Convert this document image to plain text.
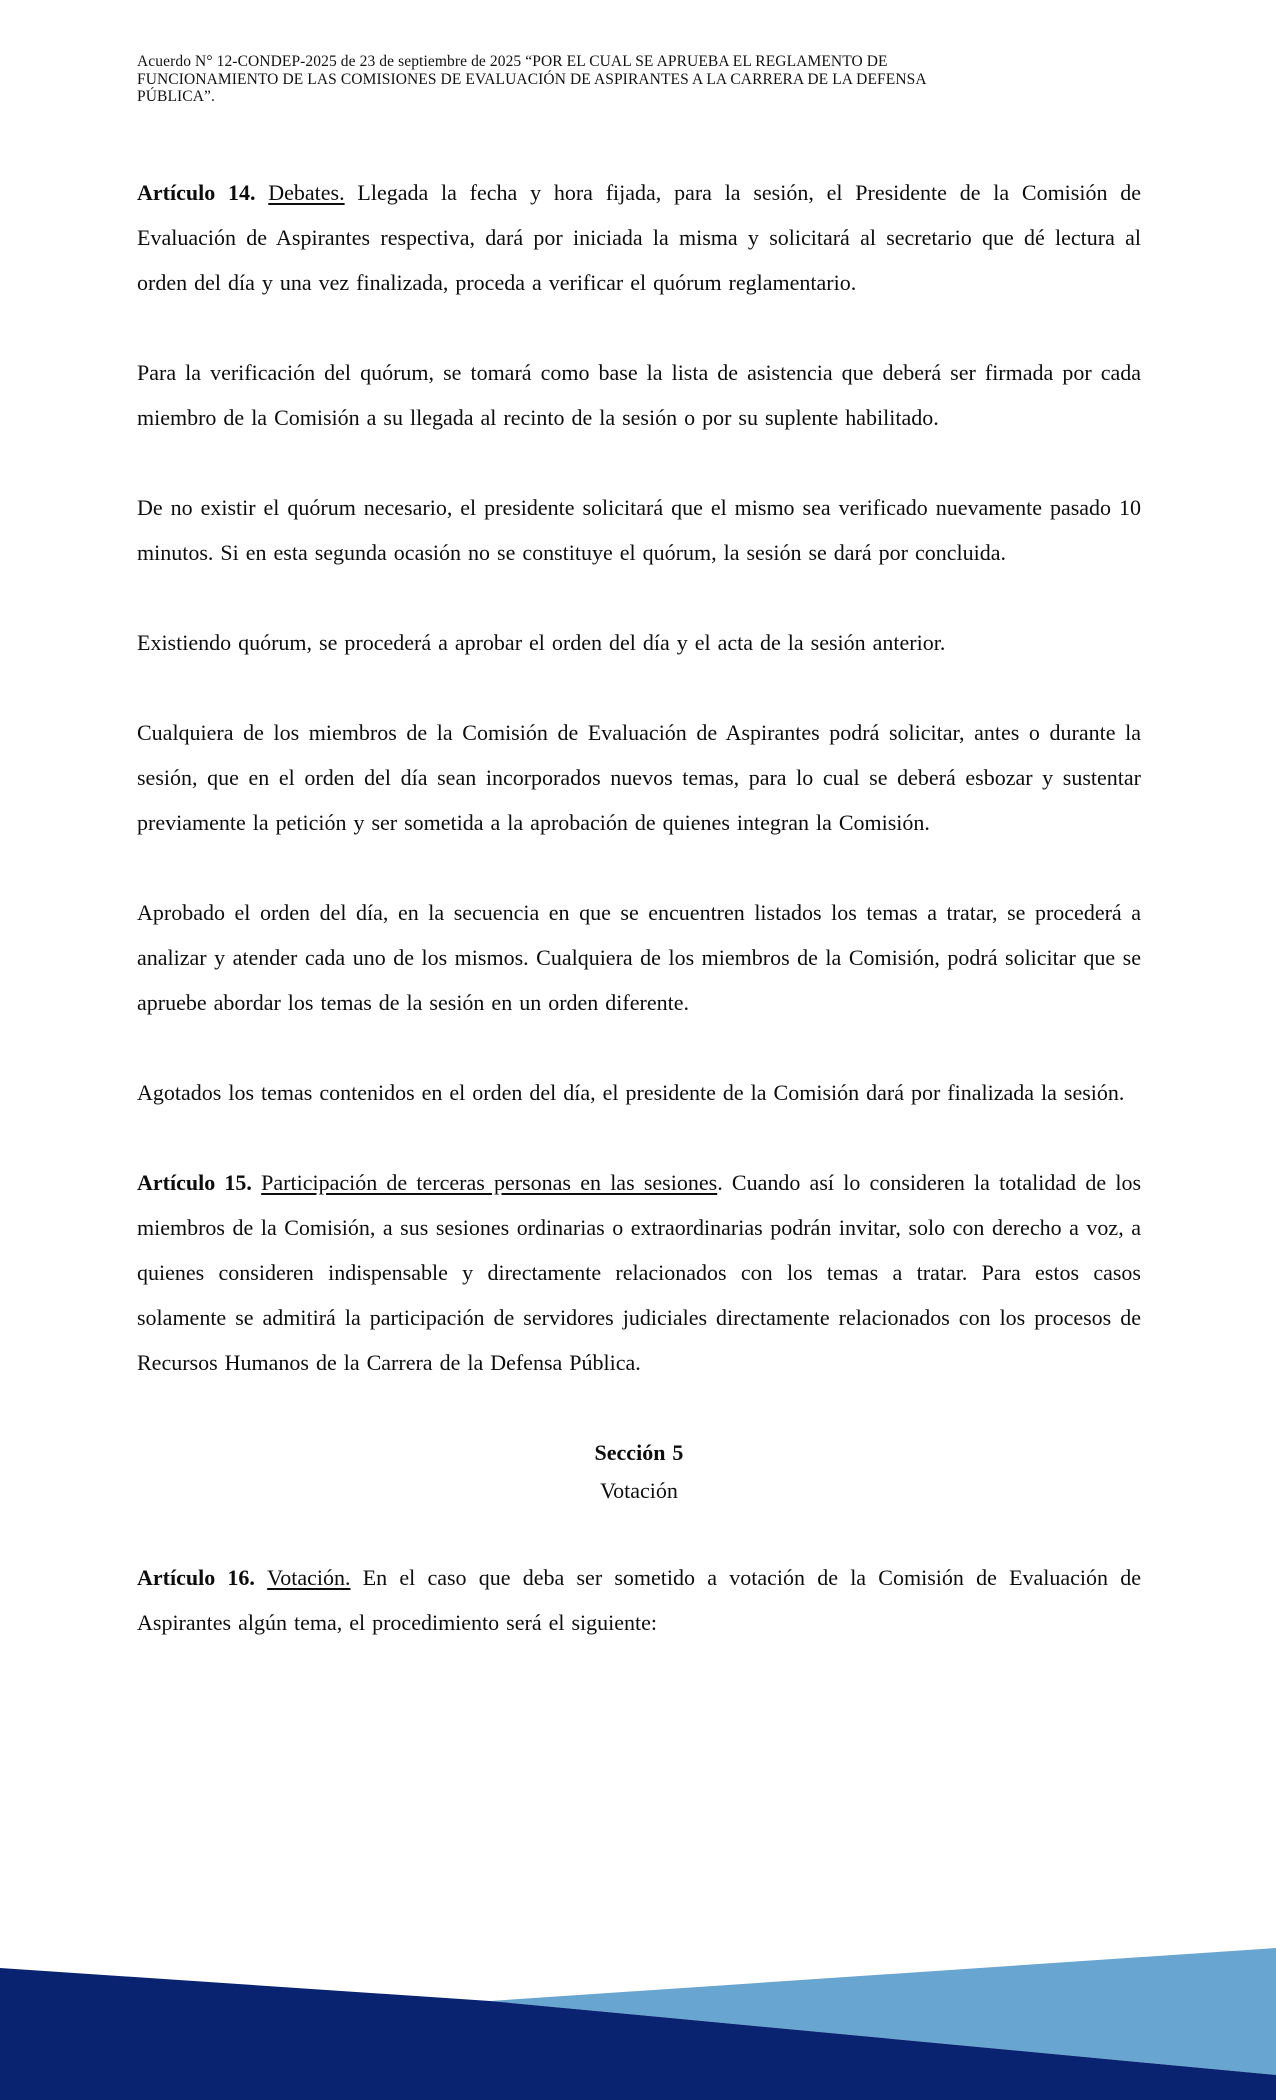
Acuerdo N° 12-CONDEP-2025 de 23 de septiembre de 2025 “POR EL CUAL SE APRUEBA EL REGLAMENTO DE
FUNCIONAMIENTO DE LAS COMISIONES DE EVALUACIÓN DE ASPIRANTES A LA CARRERA DE LA DEFENSA
PÚBLICA”.

Artículo 14. Debates. Llegada la fecha y hora fijada, para la sesión, el Presidente de la Comisión de Evaluación de Aspirantes respectiva, dará por iniciada la misma y solicitará al secretario que dé lectura al orden del día y una vez finalizada, proceda a verificar el quórum reglamentario.

Para la verificación del quórum, se tomará como base la lista de asistencia que deberá ser firmada por cada miembro de la Comisión a su llegada al recinto de la sesión o por su suplente habilitado.

De no existir el quórum necesario, el presidente solicitará que el mismo sea verificado nuevamente pasado 10 minutos. Si en esta segunda ocasión no se constituye el quórum, la sesión se dará por concluida.

Existiendo quórum, se procederá a aprobar el orden del día y el acta de la sesión anterior.

Cualquiera de los miembros de la Comisión de Evaluación de Aspirantes podrá solicitar, antes o durante la sesión, que en el orden del día sean incorporados nuevos temas, para lo cual se deberá esbozar y sustentar previamente la petición y ser sometida a la aprobación de quienes integran la Comisión.

Aprobado el orden del día, en la secuencia en que se encuentren listados los temas a tratar, se procederá a analizar y atender cada uno de los mismos. Cualquiera de los miembros de la Comisión, podrá solicitar que se apruebe abordar los temas de la sesión en un orden diferente.

Agotados los temas contenidos en el orden del día, el presidente de la Comisión dará por finalizada la sesión.

Artículo 15. Participación de terceras personas en las sesiones. Cuando así lo consideren la totalidad de los miembros de la Comisión, a sus sesiones ordinarias o extraordinarias podrán invitar, solo con derecho a voz, a quienes consideren indispensable y directamente relacionados con los temas a tratar. Para estos casos solamente se admitirá la participación de servidores judiciales directamente relacionados con los procesos de Recursos Humanos de la Carrera de la Defensa Pública.

Sección 5
Votación

Artículo 16. Votación. En el caso que deba ser sometido a votación de la Comisión de Evaluación de Aspirantes algún tema, el procedimiento será el siguiente:
